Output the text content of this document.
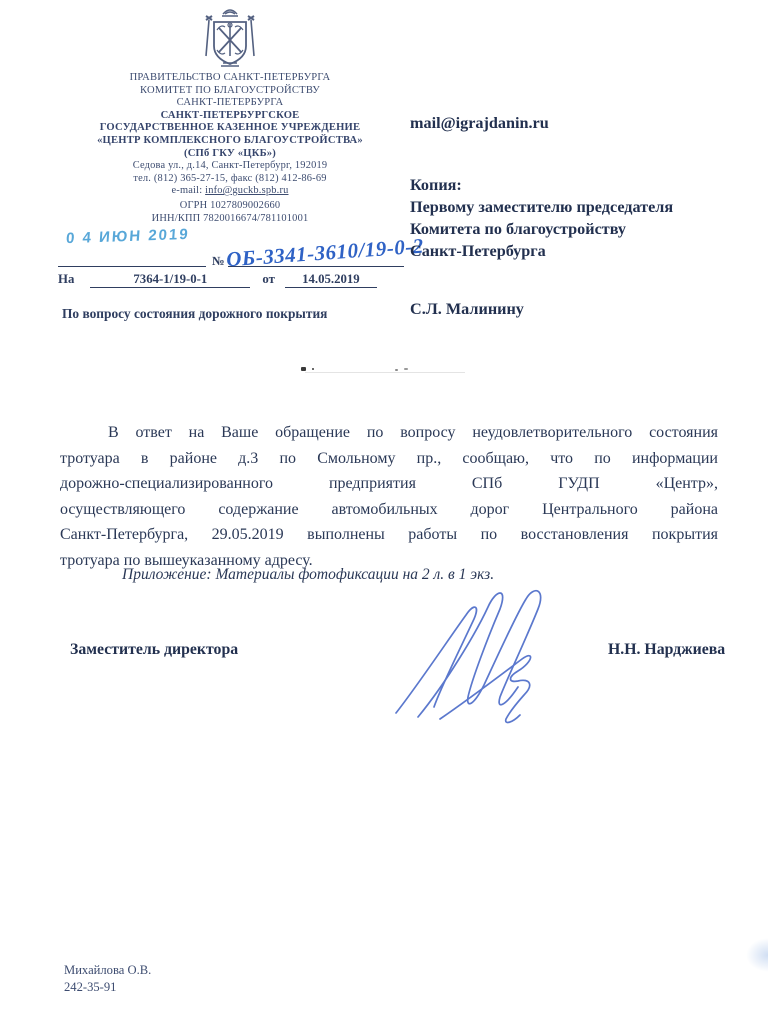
ПРАВИТЕЛЬСТВО САНКТ-ПЕТЕРБУРГА
КОМИТЕТ ПО БЛАГОУСТРОЙСТВУ
САНКТ-ПЕТЕРБУРГА
САНКТ-ПЕТЕРБУРГСКОЕ
ГОСУДАРСТВЕННОЕ КАЗЕННОЕ УЧРЕЖДЕНИЕ
«ЦЕНТР КОМПЛЕКСНОГО БЛАГОУСТРОЙСТВА»
(СПб ГКУ «ЦКБ»)
Седова ул., д.14, Санкт-Петербург, 192019
тел. (812) 365-27-15, факс (812) 412-86-69
e-mail: info@guckb.spb.ru
ОГРН 1027809002660
ИНН/КПП 7820016674/781101001
0 4 ИЮН 2019
№ ОБ-3341-3610/19-0-2
На	7364-1/19-0-1	от 14.05.2019
По вопросу состояния дорожного покрытия
mail@igrajdanin.ru
Копия:
Первому заместителю председателя
Комитета по благоустройству
Санкт-Петербурга
С.Л. Малинину
В ответ на Ваше обращение по вопросу неудовлетворительного состояния
тротуара в районе д.3 по Смольному пр., сообщаю, что по информации
дорожно-специализированного предприятия СПб ГУДП «Центр»,
осуществляющего содержание автомобильных дорог Центрального района
Санкт-Петербурга, 29.05.2019 выполнены работы по восстановления покрытия
тротуара по вышеуказанному адресу.
Приложение: Материалы фотофиксации на 2 л. в 1 экз.
Заместитель директора	Н.Н. Нарджиева
Михайлова О.В.
242-35-91
